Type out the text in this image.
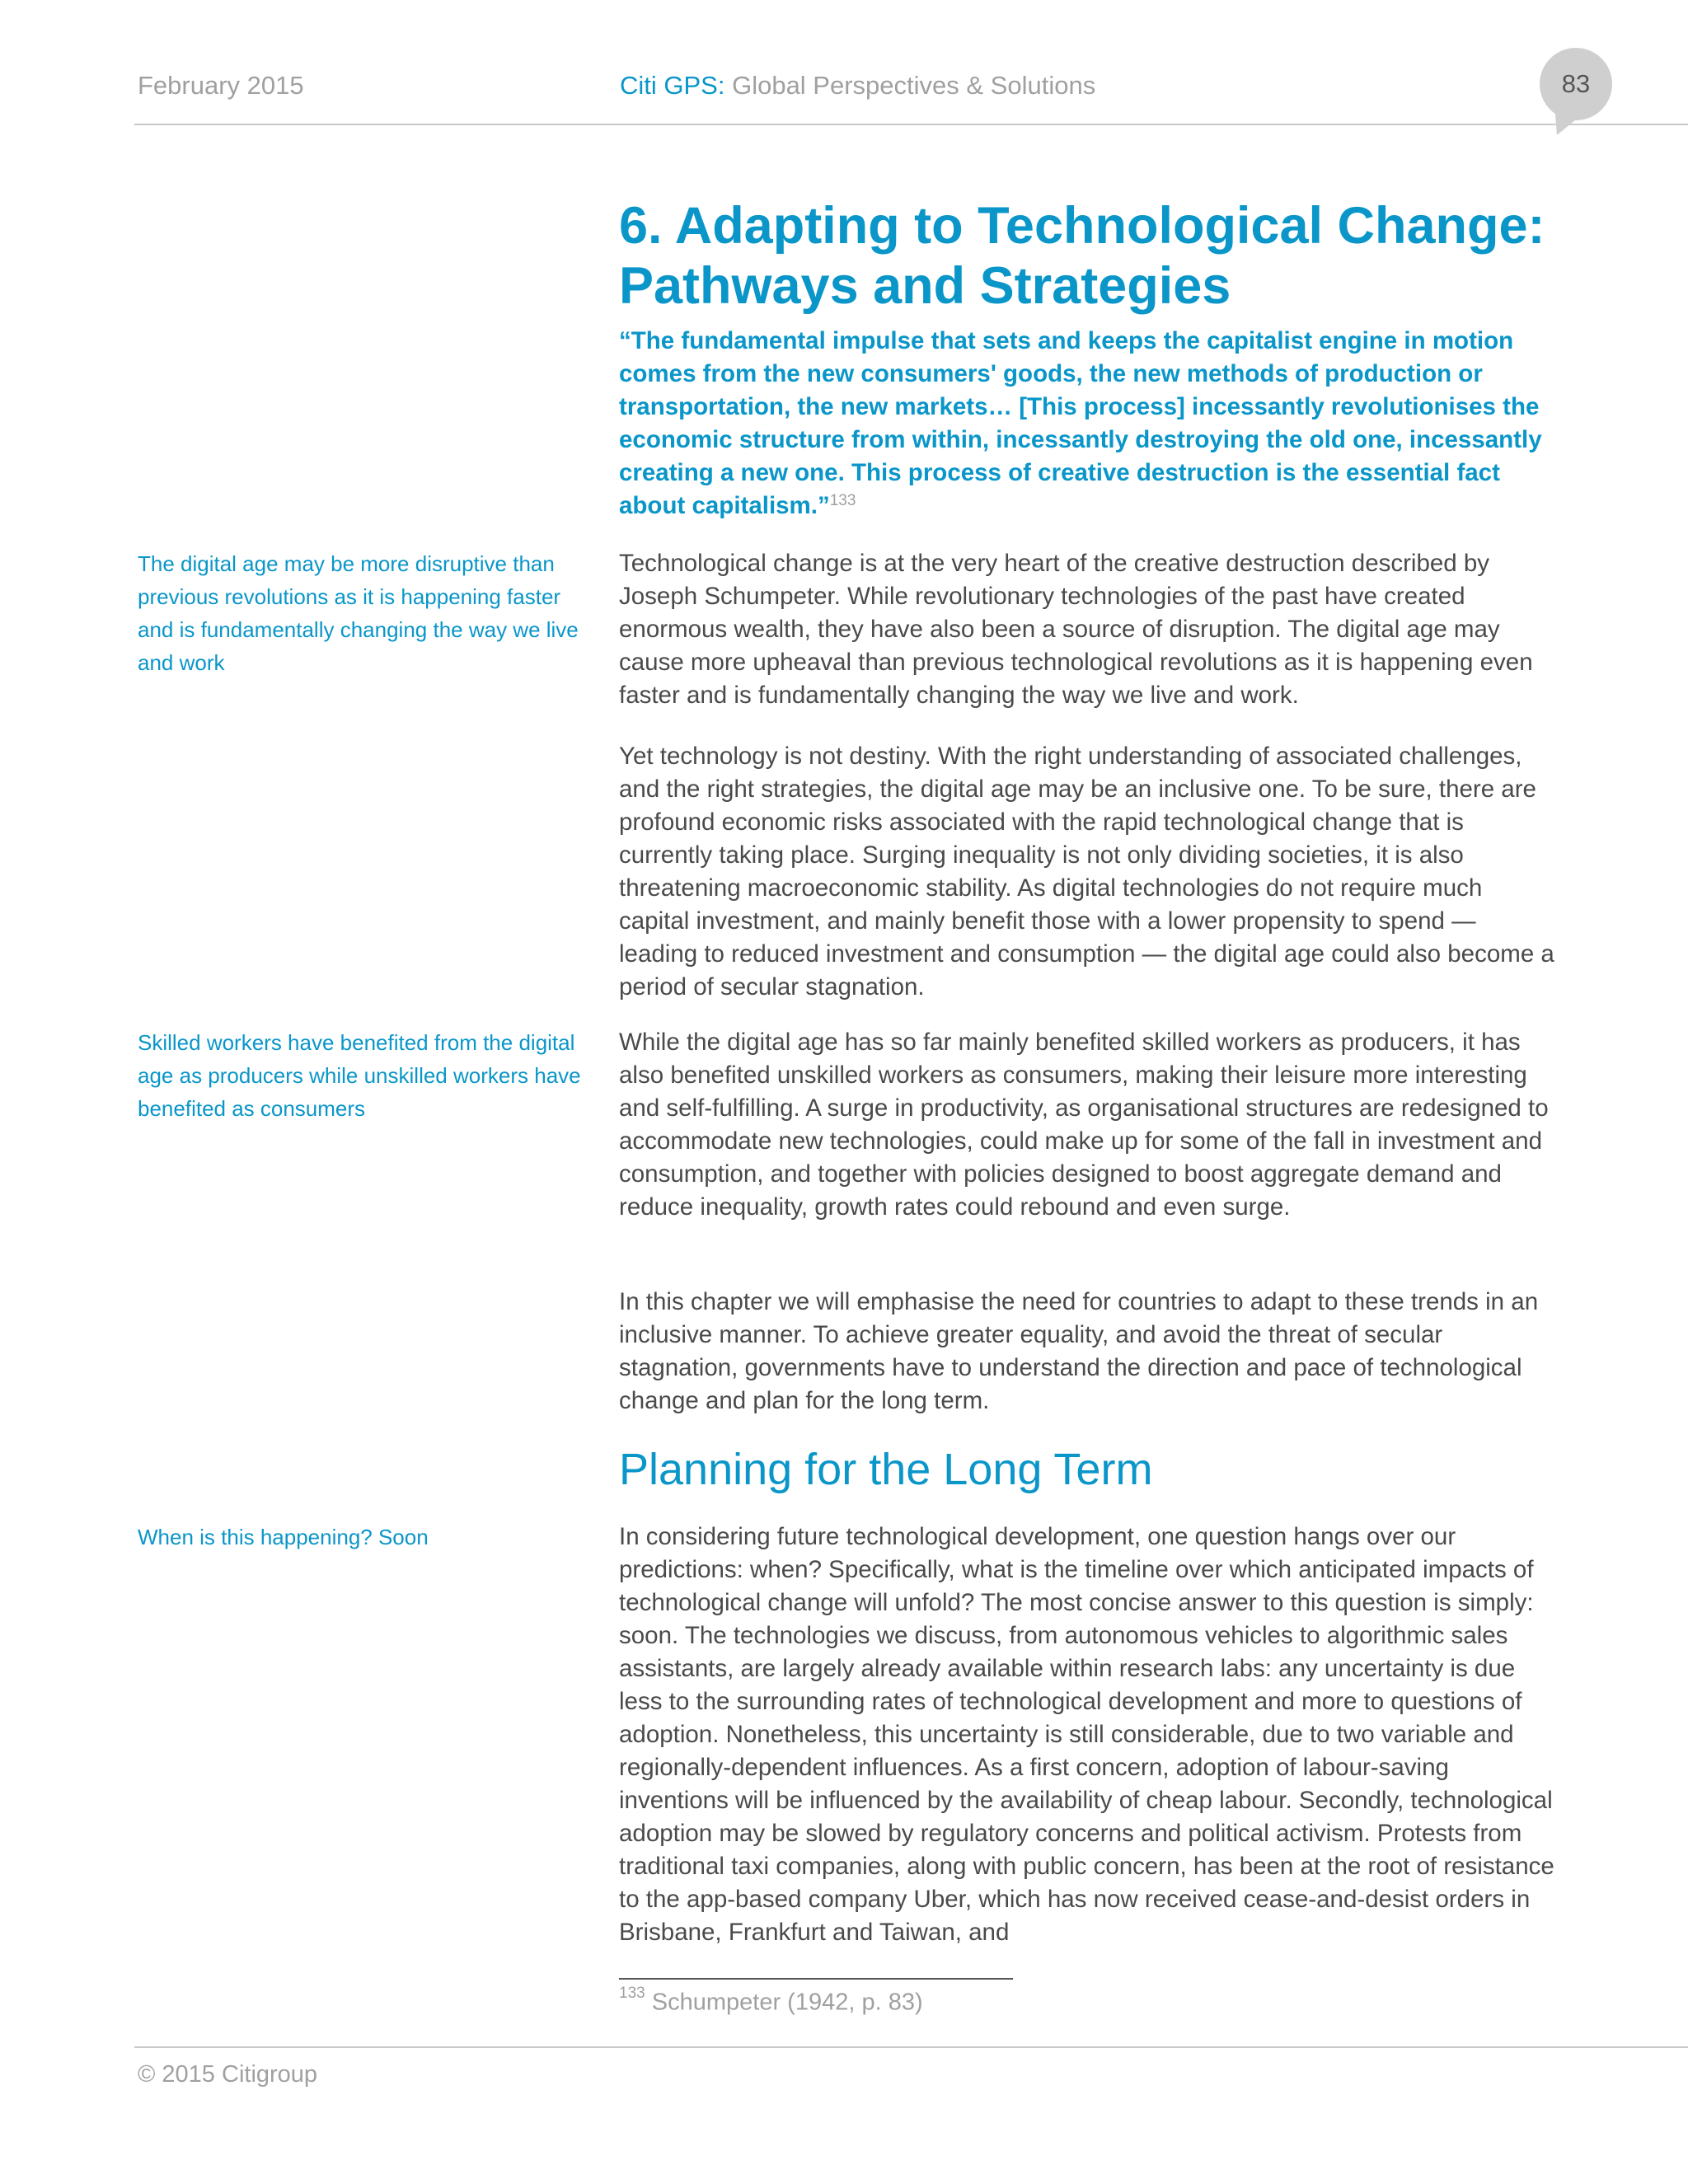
February 2015	Citi GPS: Global Perspectives & Solutions	83
6. Adapting to Technological Change: Pathways and Strategies

“The fundamental impulse that sets and keeps the capitalist engine in motion comes from the new consumers' goods, the new methods of production or transportation, the new markets… [This process] incessantly revolutionises the economic structure from within, incessantly destroying the old one, incessantly creating a new one. This process of creative destruction is the essential fact about capitalism.”$^{133}$

The digital age may be more disruptive than previous revolutions as it is happening faster and is fundamentally changing the way we live and work

Skilled workers have benefited from the digital age as producers while unskilled workers have benefited as consumers

When is this happening? Soon

Technological change is at the very heart of the creative destruction described by Joseph Schumpeter. While revolutionary technologies of the past have created enormous wealth, they have also been a source of disruption. The digital age may cause more upheaval than previous technological revolutions as it is happening even faster and is fundamentally changing the way we live and work.

Yet technology is not destiny. With the right understanding of associated challenges, and the right strategies, the digital age may be an inclusive one. To be sure, there are profound economic risks associated with the rapid technological change that is currently taking place. Surging inequality is not only dividing societies, it is also threatening macroeconomic stability. As digital technologies do not require much capital investment, and mainly benefit those with a lower propensity to spend — leading to reduced investment and consumption — the digital age could also become a period of secular stagnation.

While the digital age has so far mainly benefited skilled workers as producers, it has also benefited unskilled workers as consumers, making their leisure more interesting and self-fulfilling. A surge in productivity, as organisational structures are redesigned to accommodate new technologies, could make up for some of the fall in investment and consumption, and together with policies designed to boost aggregate demand and reduce inequality, growth rates could rebound and even surge.

In this chapter we will emphasise the need for countries to adapt to these trends in an inclusive manner. To achieve greater equality, and avoid the threat of secular stagnation, governments have to understand the direction and pace of technological change and plan for the long term.

Planning for the Long Term

In considering future technological development, one question hangs over our predictions: when? Specifically, what is the timeline over which anticipated impacts of technological change will unfold? The most concise answer to this question is simply: soon. The technologies we discuss, from autonomous vehicles to algorithmic sales assistants, are largely already available within research labs: any uncertainty is due less to the surrounding rates of technological development and more to questions of adoption. Nonetheless, this uncertainty is still considerable, due to two variable and regionally-dependent influences. As a first concern, adoption of labour-saving inventions will be influenced by the availability of cheap labour. Secondly, technological adoption may be slowed by regulatory concerns and political activism. Protests from traditional taxi companies, along with public concern, has been at the root of resistance to the app-based company Uber, which has now received cease-and-desist orders in Brisbane, Frankfurt and Taiwan, and

$^{133}$ Schumpeter (1942, p. 83)
© 2015 Citigroup
